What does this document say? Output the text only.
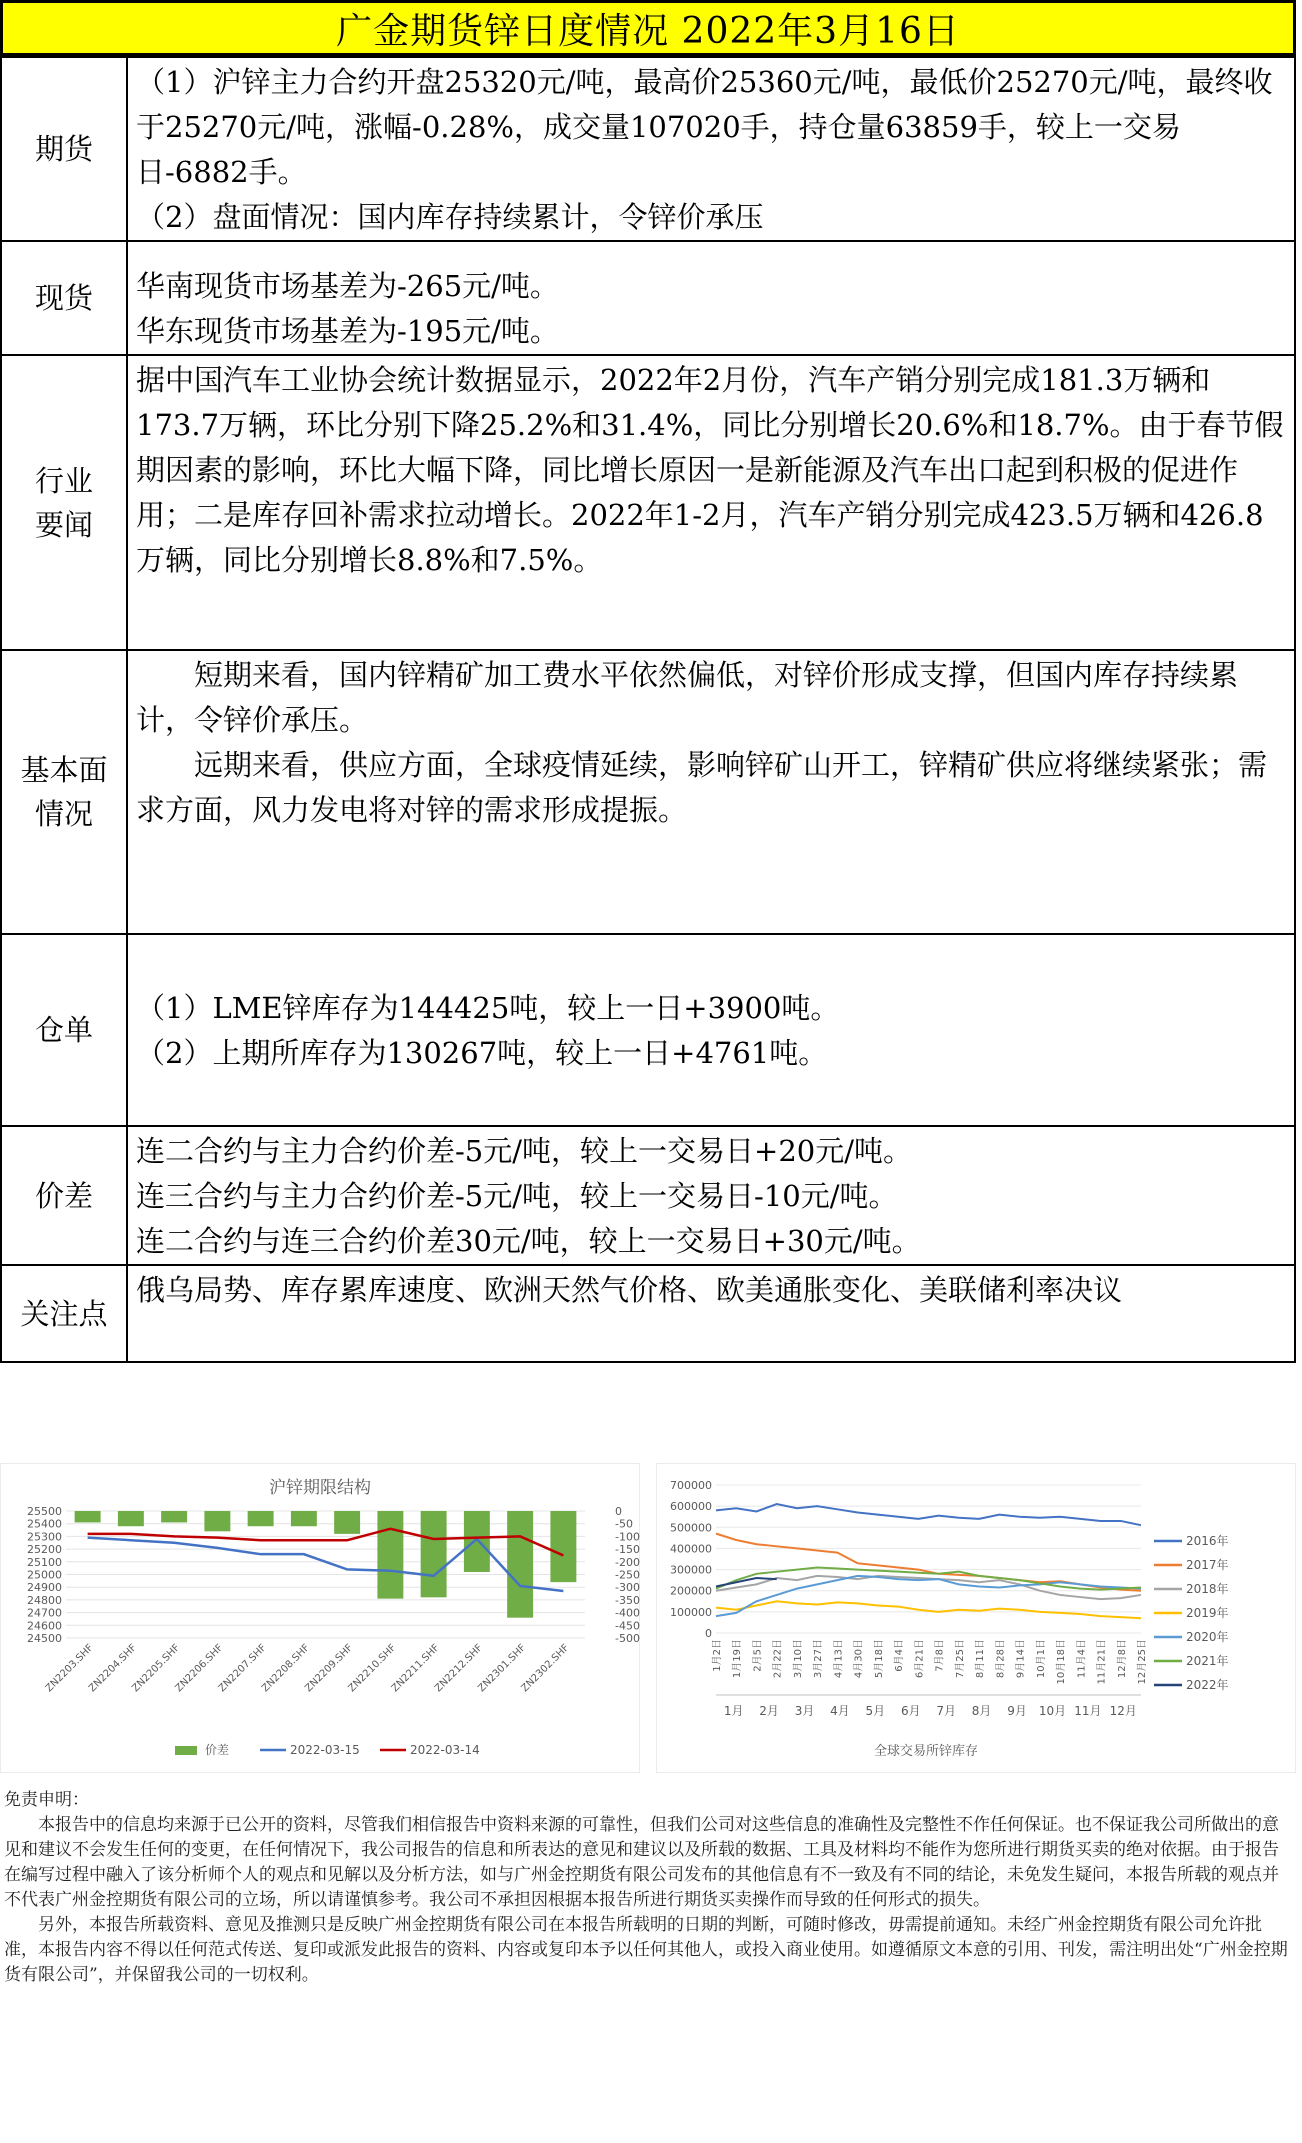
广金期货锌日度情况 2022年3月16日
期货	（1）沪锌主力合约开盘25320元/吨，最高价25360元/吨，最低价25270元/吨，最终收于25270元/吨，涨幅-0.28%，成交量107020手，持仓量63859手，较上一交易日-6882手。
（2）盘面情况：国内库存持续累计，令锌价承压

现货	华南现货市场基差为-265元/吨。
华东现货市场基差为-195元/吨。

行业要闻	据中国汽车工业协会统计数据显示，2022年2月份，汽车产销分别完成181.3万辆和173.7万辆，环比分别下降25.2%和31.4%，同比分别增长20.6%和18.7%。由于春节假期因素的影响，环比大幅下降，同比增长原因一是新能源及汽车出口起到积极的促进作用；二是库存回补需求拉动增长。2022年1-2月，汽车产销分别完成423.5万辆和426.8万辆，同比分别增长8.8%和7.5%。

基本面情况	短期来看，国内锌精矿加工费水平依然偏低，对锌价形成支撑，但国内库存持续累计，令锌价承压。
远期来看，供应方面，全球疫情延续，影响锌矿山开工，锌精矿供应将继续紧张；需求方面，风力发电将对锌的需求形成提振。

仓单	（1）LME锌库存为144425吨，较上一日+3900吨。
（2）上期所库存为130267吨，较上一日+4761吨。

价差	连二合约与主力合约价差-5元/吨，较上一交易日+20元/吨。
连三合约与主力合约价差-5元/吨，较上一交易日-10元/吨。
连二合约与连三合约价差30元/吨，较上一交易日+30元/吨。

关注点	俄乌局势、库存累库速度、欧洲天然气价格、欧美通胀变化、美联储利率决议
沪锌期限结构
24500
24600
24700
24800
24900
25000
25100
25200
25300
25400
25500	0
-50
-100
-150
-200
-250
-300
-350
-400
-450
-500
ZN2203.SHF
ZN2204.SHF
ZN2205.SHF
ZN2206.SHF
ZN2207.SHF
ZN2208.SHF
ZN2209.SHF
ZN2210.SHF
ZN2211.SHF
ZN2212.SHF
ZN2301.SHF
ZN2302.SHF
价差	2022-03-15	2022-03-14
0
100000
200000
300000
400000
500000
600000
700000
1月2日 1月19日 2月5日 2月22日 3月10日 3月27日 4月13日 4月30日 5月18日 6月4日 6月21日 7月8日 7月25日 8月11日 8月28日 9月14日 10月1日 10月18日 11月4日 11月21日 12月8日 12月25日
1月 2月 3月 4月 5月 6月 7月 8月 9月 10月 11月 12月
2016年
2017年
2018年
2019年
2020年
2021年
2022年
全球交易所锌库存

免责申明：

本报告中的信息均来源于已公开的资料，尽管我们相信报告中资料来源的可靠性，但我们公司对这些信息的准确性及完整性不作任何保证。也不保证我公司所做出的意见和建议不会发生任何的变更，在任何情况下，我公司报告的信息和所表达的意见和建议以及所载的数据、工具及材料均不能作为您所进行期货买卖的绝对依据。由于报告在编写过程中融入了该分析师个人的观点和见解以及分析方法，如与广州金控期货有限公司发布的其他信息有不一致及有不同的结论，未免发生疑问，本报告所载的观点并不代表广州金控期货有限公司的立场，所以请谨慎参考。我公司不承担因根据本报告所进行期货买卖操作而导致的任何形式的损失。

另外，本报告所载资料、意见及推测只是反映广州金控期货有限公司在本报告所载明的日期的判断，可随时修改，毋需提前通知。未经广州金控期货有限公司允许批准，本报告内容不得以任何范式传送、复印或派发此报告的资料、内容或复印本予以任何其他人，或投入商业使用。如遵循原文本意的引用、刊发，需注明出处“广州金控期货有限公司”，并保留我公司的一切权利。
